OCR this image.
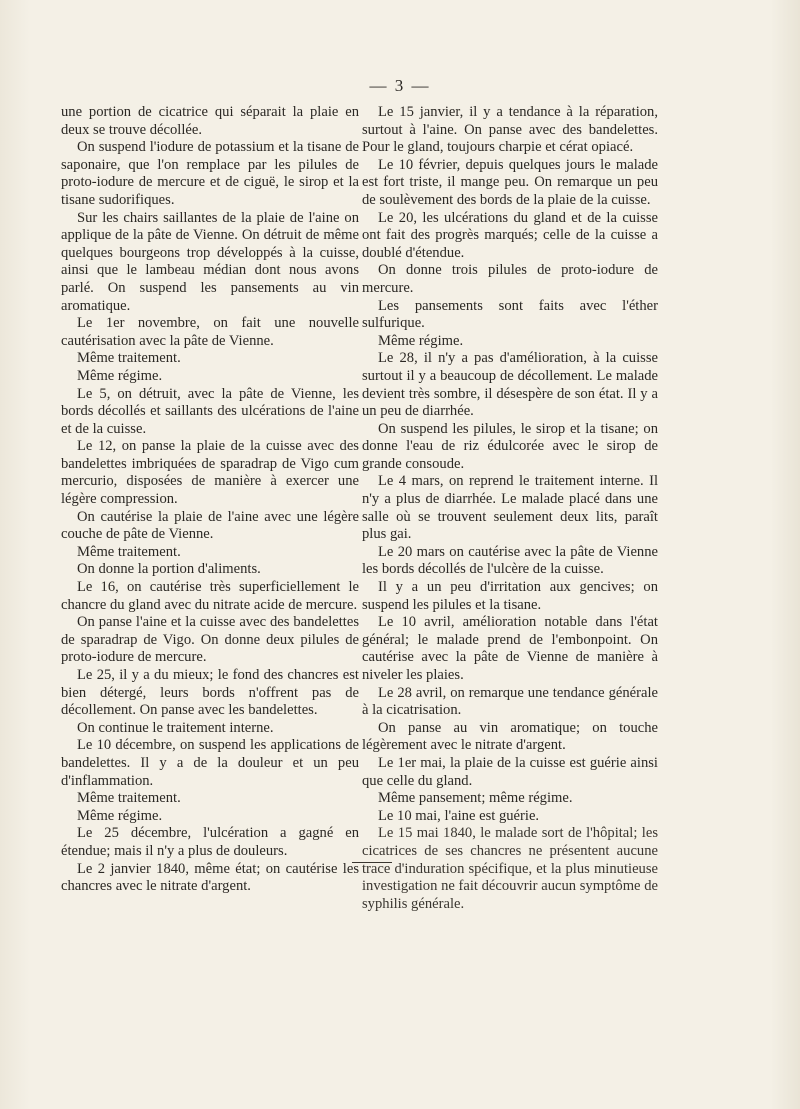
— 3 —

une portion de cicatrice qui séparait la plaie en deux se trouve décollée.

On suspend l'iodure de potassium et la tisane de saponaire, que l'on remplace par les pilules de proto-iodure de mercure et de ciguë, le sirop et la tisane sudorifiques.

Sur les chairs saillantes de la plaie de l'aine on applique de la pâte de Vienne. On détruit de même quelques bourgeons trop développés à la cuisse, ainsi que le lambeau médian dont nous avons parlé. On suspend les pansements au vin aromatique.

Le 1er novembre, on fait une nouvelle cautérisation avec la pâte de Vienne.

Même traitement.

Même régime.

Le 5, on détruit, avec la pâte de Vienne, les bords décollés et saillants des ulcérations de l'aine et de la cuisse.

Le 12, on panse la plaie de la cuisse avec des bandelettes imbriquées de sparadrap de Vigo cum mercurio, disposées de manière à exercer une légère compression.

On cautérise la plaie de l'aine avec une légère couche de pâte de Vienne.

Même traitement.

On donne la portion d'aliments.

Le 16, on cautérise très superficiellement le chancre du gland avec du nitrate acide de mercure.

On panse l'aine et la cuisse avec des bandelettes de sparadrap de Vigo. On donne deux pilules de proto-iodure de mercure.

Le 25, il y a du mieux; le fond des chancres est bien détergé, leurs bords n'offrent pas de décollement. On panse avec les bandelettes.

On continue le traitement interne.

Le 10 décembre, on suspend les applications de bandelettes. Il y a de la douleur et un peu d'inflammation.

Même traitement.

Même régime.

Le 25 décembre, l'ulcération a gagné en étendue; mais il n'y a plus de douleurs.

Le 2 janvier 1840, même état; on cautérise les chancres avec le nitrate d'argent.

Le 15 janvier, il y a tendance à la réparation, surtout à l'aine. On panse avec des bandelettes. Pour le gland, toujours charpie et cérat opiacé.

Le 10 février, depuis quelques jours le malade est fort triste, il mange peu. On remarque un peu de soulèvement des bords de la plaie de la cuisse.

Le 20, les ulcérations du gland et de la cuisse ont fait des progrès marqués; celle de la cuisse a doublé d'étendue.

On donne trois pilules de proto-iodure de mercure.

Les pansements sont faits avec l'éther sulfurique.

Même régime.

Le 28, il n'y a pas d'amélioration, à la cuisse surtout il y a beaucoup de décollement. Le malade devient très sombre, il désespère de son état. Il y a un peu de diarrhée.

On suspend les pilules, le sirop et la tisane; on donne l'eau de riz édulcorée avec le sirop de grande consoude.

Le 4 mars, on reprend le traitement interne. Il n'y a plus de diarrhée. Le malade placé dans une salle où se trouvent seulement deux lits, paraît plus gai.

Le 20 mars on cautérise avec la pâte de Vienne les bords décollés de l'ulcère de la cuisse.

Il y a un peu d'irritation aux gencives; on suspend les pilules et la tisane.

Le 10 avril, amélioration notable dans l'état général; le malade prend de l'embonpoint. On cautérise avec la pâte de Vienne de manière à niveler les plaies.

Le 28 avril, on remarque une tendance générale à la cicatrisation.

On panse au vin aromatique; on touche légèrement avec le nitrate d'argent.

Le 1er mai, la plaie de la cuisse est guérie ainsi que celle du gland.

Même pansement; même régime.

Le 10 mai, l'aine est guérie.

Le 15 mai 1840, le malade sort de l'hôpital; les cicatrices de ses chancres ne présentent aucune trace d'induration spécifique, et la plus minutieuse investigation ne fait découvrir aucun symptôme de syphilis générale.
